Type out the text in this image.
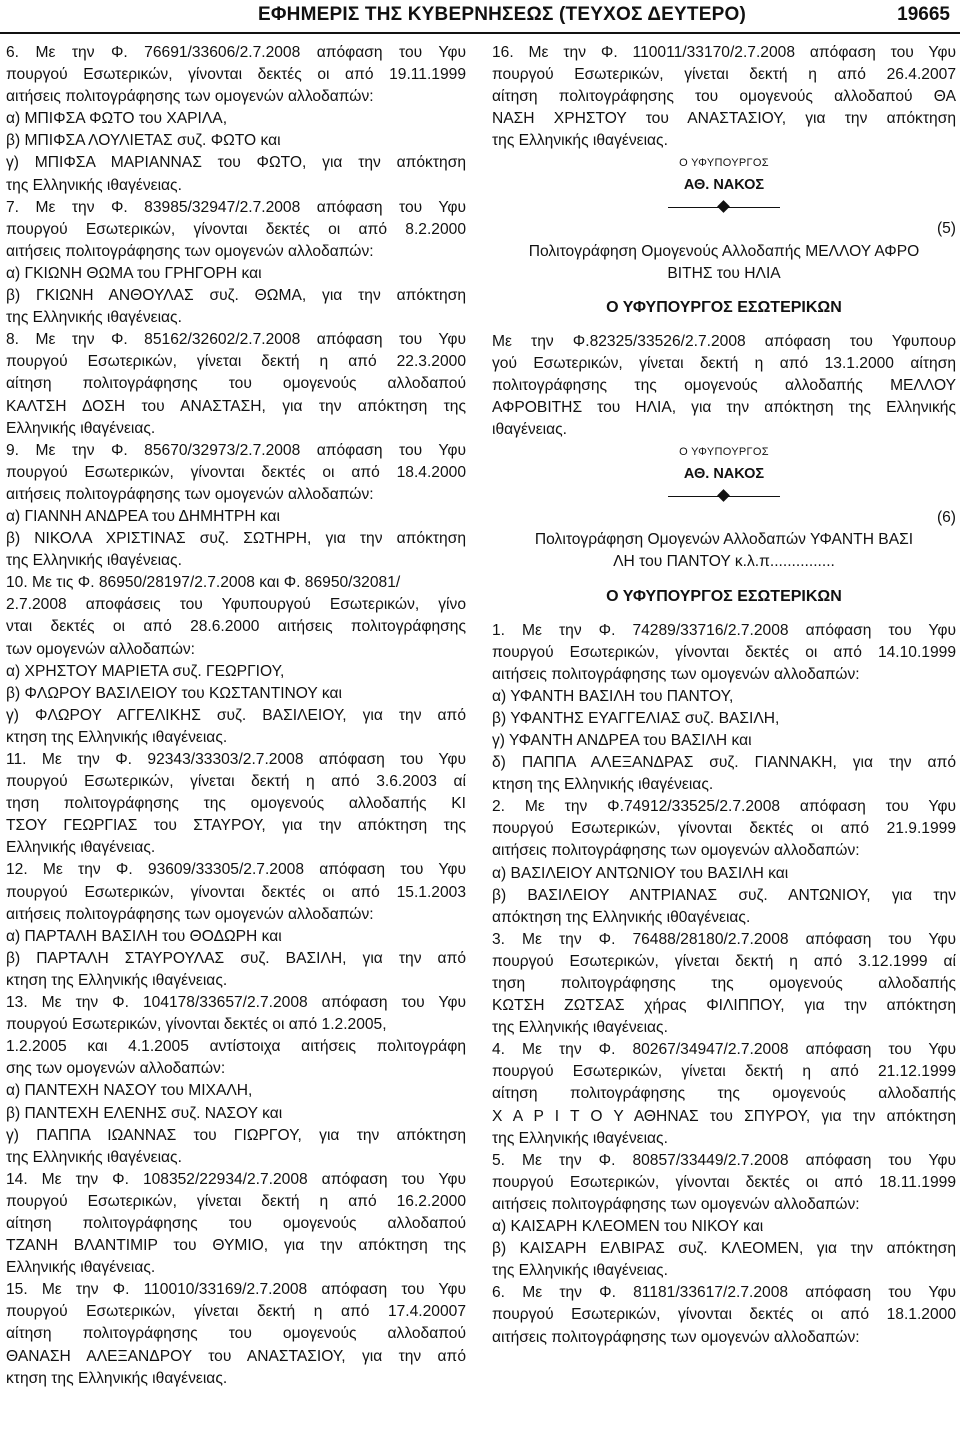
ΕΦΗΜΕΡΙΣ ΤΗΣ ΚΥΒΕΡΝΗΣΕΩΣ (ΤΕΥΧΟΣ ΔΕΥΤΕΡΟ)	19665

6. Με την Φ. 76691/33606/2.7.2008 απόφαση του Υφυ

πουργού Εσωτερικών, γίνονται δεκτές οι από 19.11.1999

αιτήσεις πολιτογράφησης των ομογενών αλλοδαπών:

α) ΜΠΙΦΣΑ ΦΩΤΟ του ΧΑΡΙΛΑ,

β) ΜΠΙΦΣΑ ΛΟΥΛΙΕΤΑΣ συζ. ΦΩΤΟ και

γ) ΜΠΙΦΣΑ ΜΑΡΙΑΝΝΑΣ του ΦΩΤΟ, για την απόκτηση

της Ελληνικής ιθαγένειας.

7. Με την Φ. 83985/32947/2.7.2008 απόφαση του Υφυ

πουργού Εσωτερικών, γίνονται δεκτές οι από 8.2.2000

αιτήσεις πολιτογράφησης των ομογενών αλλοδαπών:

α) ΓΚΙΩΝΗ ΘΩΜΑ του ΓΡΗΓΟΡΗ και

β) ΓΚΙΩΝΗ ΑΝΘΟΥΛΑΣ συζ. ΘΩΜΑ, για την απόκτηση

της Ελληνικής ιθαγένειας.

8. Με την Φ. 85162/32602/2.7.2008 απόφαση του Υφυ

πουργού Εσωτερικών, γίνεται δεκτή η από 22.3.2000

αίτηση πολιτογράφησης του ομογενούς αλλοδαπού

ΚΑΛΤΣΗ ΔΟΣΗ του ΑΝΑΣΤΑΣΗ, για την απόκτηση της

Ελληνικής ιθαγένειας.

9. Με την Φ. 85670/32973/2.7.2008 απόφαση του Υφυ

πουργού Εσωτερικών, γίνονται δεκτές οι από 18.4.2000

αιτήσεις πολιτογράφησης των ομογενών αλλοδαπών:

α) ΓΙΑΝΝΗ ΑΝΔΡΕΑ του ΔΗΜΗΤΡΗ και

β) ΝΙΚΟΛΑ ΧΡΙΣΤΙΝΑΣ συζ. ΣΩΤΗΡΗ, για την απόκτηση

της Ελληνικής ιθαγένειας.

10. Με τις Φ. 86950/28197/2.7.2008 και Φ. 86950/32081/

2.7.2008 αποφάσεις του Υφυπουργού Εσωτερικών, γίνο

νται δεκτές οι από 28.6.2000 αιτήσεις πολιτογράφησης

των ομογενών αλλοδαπών:

α) ΧΡΗΣΤΟΥ ΜΑΡΙΕΤΑ συζ. ΓΕΩΡΓΙΟΥ,

β) ΦΛΩΡΟΥ ΒΑΣΙΛΕΙΟΥ του ΚΩΣΤΑΝΤΙΝΟΥ και

γ) ΦΛΩΡΟΥ ΑΓΓΕΛΙΚΗΣ συζ. ΒΑΣΙΛΕΙΟΥ, για την από

κτηση της Ελληνικής ιθαγένειας.

11. Με την Φ. 92343/33303/2.7.2008 απόφαση του Υφυ

πουργού Εσωτερικών, γίνεται δεκτή η από 3.6.2003 αί

τηση πολιτογράφησης της ομογενούς αλλοδαπής ΚΙ

ΤΣΟΥ ΓΕΩΡΓΙΑΣ του ΣΤΑΥΡΟΥ, για την απόκτηση της

Ελληνικής ιθαγένειας.

12. Με την Φ. 93609/33305/2.7.2008 απόφαση του Υφυ

πουργού Εσωτερικών, γίνονται δεκτές οι από 15.1.2003

αιτήσεις πολιτογράφησης των ομογενών αλλοδαπών:

α) ΠΑΡΤΑΛΗ ΒΑΣΙΛΗ του ΘΟΔΩΡΗ και

β) ΠΑΡΤΑΛΗ ΣΤΑΥΡΟΥΛΑΣ συζ. ΒΑΣΙΛΗ, για την από

κτηση της Ελληνικής ιθαγένειας.

13. Με την Φ. 104178/33657/2.7.2008 απόφαση του Υφυ

πουργού Εσωτερικών, γίνονται δεκτές οι από 1.2.2005,

1.2.2005 και 4.1.2005 αντίστοιχα αιτήσεις πολιτογράφη

σης των ομογενών αλλοδαπών:

α) ΠΑΝΤΕΧΗ ΝΑΣΟΥ του ΜΙΧΑΛΗ,

β) ΠΑΝΤΕΧΗ ΕΛΕΝΗΣ συζ. ΝΑΣΟΥ και

γ) ΠΑΠΠΑ ΙΩΑΝΝΑΣ του ΓΙΩΡΓΟΥ, για την απόκτηση

της Ελληνικής ιθαγένειας.

14. Με την Φ. 108352/22934/2.7.2008 απόφαση του Υφυ

πουργού Εσωτερικών, γίνεται δεκτή η από 16.2.2000

αίτηση πολιτογράφησης του ομογενούς αλλοδαπού

ΤΖΑΝΗ ΒΛΑΝΤΙΜΙΡ του ΘΥΜΙΟ, για την απόκτηση της

Ελληνικής ιθαγένειας.

15. Με την Φ. 110010/33169/2.7.2008 απόφαση του Υφυ

πουργού Εσωτερικών, γίνεται δεκτή η από 17.4.20007

αίτηση πολιτογράφησης του ομογενούς αλλοδαπού

ΘΑΝΑΣΗ ΑΛΕΞΑΝΔΡΟΥ του ΑΝΑΣΤΑΣΙΟΥ, για την από

κτηση της Ελληνικής ιθαγένειας.

16. Με την Φ. 110011/33170/2.7.2008 απόφαση του Υφυ

πουργού Εσωτερικών, γίνεται δεκτή η από 26.4.2007

αίτηση πολιτογράφησης του ομογενούς αλλοδαπού ΘΑ

ΝΑΣΗ ΧΡΗΣΤΟΥ του ΑΝΑΣΤΑΣΙΟΥ, για την απόκτηση

της Ελληνικής ιθαγένειας.

Ο ΥΦΥΠΟΥΡΓΟΣ

ΑΘ. ΝΑΚΟΣ

(5)

Πολιτογράφηση Ομογενούς Αλλοδαπής ΜΕΛΛΟΥ ΑΦΡΟ

ΒΙΤΗΣ του ΗΛΙΑ

Ο ΥΦΥΠΟΥΡΓΟΣ ΕΣΩΤΕΡΙΚΩΝ

Με την Φ.82325/33526/2.7.2008 απόφαση του Υφυπουρ

γού Εσωτερικών, γίνεται δεκτή η από 13.1.2000 αίτηση

πολιτογράφησης της ομογενούς αλλοδαπής ΜΕΛΛΟΥ

ΑΦΡΟΒΙΤΗΣ του ΗΛΙΑ, για την απόκτηση της Ελληνικής

ιθαγένειας.

Ο ΥΦΥΠΟΥΡΓΟΣ

ΑΘ. ΝΑΚΟΣ

(6)

Πολιτογράφηση Ομογενών Αλλοδαπών ΥΦΑΝΤΗ ΒΑΣΙ

ΛΗ του ΠΑΝΤΟΥ κ.λ.π...............

Ο ΥΦΥΠΟΥΡΓΟΣ ΕΣΩΤΕΡΙΚΩΝ

1. Με την Φ. 74289/33716/2.7.2008 απόφαση του Υφυ

πουργού Εσωτερικών, γίνονται δεκτές οι από 14.10.1999

αιτήσεις πολιτογράφησης των ομογενών αλλοδαπών:

α) ΥΦΑΝΤΗ ΒΑΣΙΛΗ του ΠΑΝΤΟΥ,

β) ΥΦΑΝΤΗΣ ΕΥΑΓΓΕΛΙΑΣ συζ. ΒΑΣΙΛΗ,

γ) ΥΦΑΝΤΗ ΑΝΔΡΕΑ του ΒΑΣΙΛΗ και

δ) ΠΑΠΠΑ ΑΛΕΞΑΝΔΡΑΣ συζ. ΓΙΑΝΝΑΚΗ, για την από

κτηση της Ελληνικής ιθαγένειας.

2. Με την Φ.74912/33525/2.7.2008 απόφαση του Υφυ

πουργού Εσωτερικών, γίνονται δεκτές οι από 21.9.1999

αιτήσεις πολιτογράφησης των ομογενών αλλοδαπών:

α) ΒΑΣΙΛΕΙΟΥ ΑΝΤΩΝΙΟΥ του ΒΑΣΙΛΗ και

β) ΒΑΣΙΛΕΙΟΥ ΑΝΤΡΙΑΝΑΣ συζ. ΑΝΤΩΝΙΟΥ, για την

απόκτηση της Ελληνικής ιθ0αγένειας.

3. Με την Φ. 76488/28180/2.7.2008 απόφαση του Υφυ

πουργού Εσωτερικών, γίνεται δεκτή η από 3.12.1999 αί

τηση πολιτογράφησης της ομογενούς αλλοδαπής

ΚΩΤΣΗ ΖΩΤΣΑΣ χήρας ΦΙΛΙΠΠΟΥ, για την απόκτηση

της Ελληνικής ιθαγένειας.

4. Με την Φ. 80267/34947/2.7.2008 απόφαση του Υφυ

πουργού Εσωτερικών, γίνεται δεκτή η από 21.12.1999

αίτηση πολιτογράφησης της ομογενούς αλλοδαπής

Χ Α Ρ Ι Τ Ο Υ ΑΘΗΝΑΣ του ΣΠΥΡΟΥ, για την απόκτηση

της Ελληνικής ιθαγένειας.

5. Με την Φ. 80857/33449/2.7.2008 απόφαση του Υφυ

πουργού Εσωτερικών, γίνονται δεκτές οι από 18.11.1999

αιτήσεις πολιτογράφησης των ομογενών αλλοδαπών:

α) ΚΑΙΣΑΡΗ ΚΛΕΟΜΕΝ του ΝΙΚΟΥ και

β) ΚΑΙΣΑΡΗ ΕΛΒΙΡΑΣ συζ. ΚΛΕΟΜΕΝ, για την απόκτηση

της Ελληνικής ιθαγένειας.

6. Με την Φ. 81181/33617/2.7.2008 απόφαση του Υφυ

πουργού Εσωτερικών, γίνονται δεκτές οι από 18.1.2000

αιτήσεις πολιτογράφησης των ομογενών αλλοδαπών:
